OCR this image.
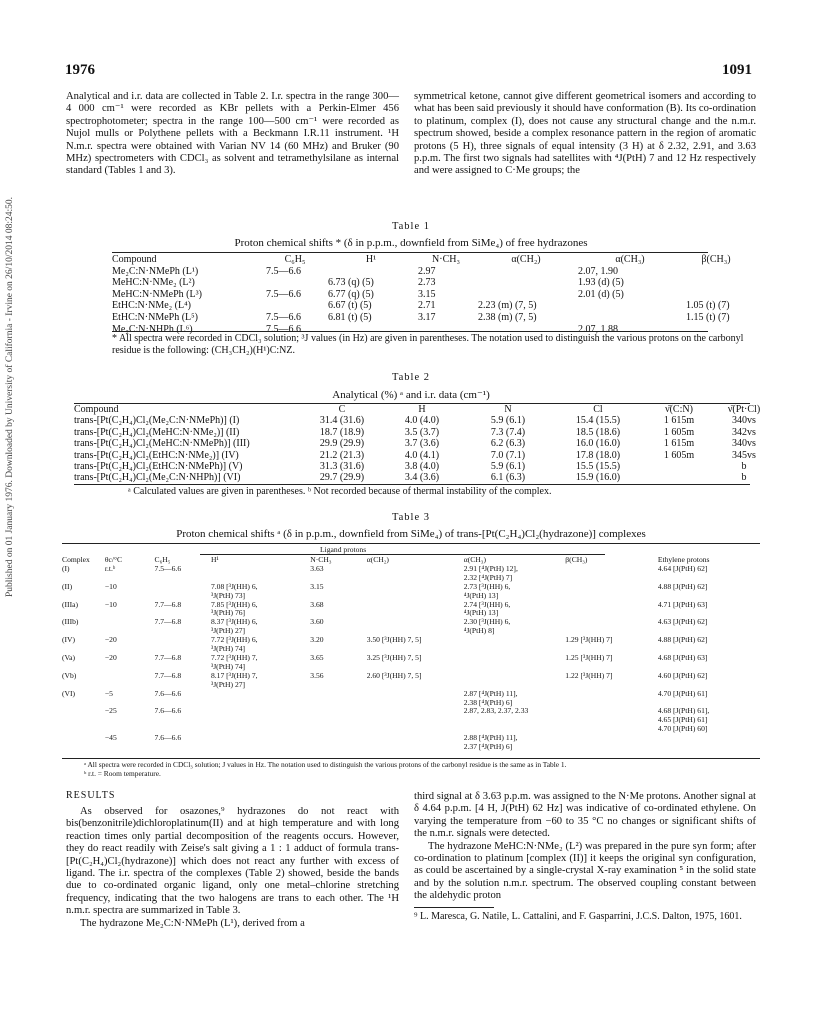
1976	1091
Published on 01 January 1976. Downloaded by University of California - Irvine on 26/10/2014 08:24:50.

Analytical and i.r. data are collected in Table 2. I.r. spectra in the range 300—4 000 cm⁻¹ were recorded as KBr pellets with a Perkin-Elmer 456 spectrophotometer; spectra in the range 100—500 cm⁻¹ were recorded as Nujol mulls or Polythene pellets with a Beckmann I.R.11 instrument. ¹H N.m.r. spectra were obtained with Varian NV 14 (60 MHz) and Bruker (90 MHz) spectrometers with CDCl₃ as solvent and tetramethylsilane as internal standard (Tables 1 and 3).

symmetrical ketone, cannot give different geometrical isomers and according to what has been said previously it should have conformation (B). Its co-ordination to platinum, complex (I), does not cause any structural change and the n.m.r. spectrum showed, beside a complex resonance pattern in the region of aromatic protons (5 H), three signals of equal intensity (3 H) at δ 2.32, 2.91, and 3.63 p.p.m. The first two signals had satellites with ⁴J(PtH) 7 and 12 Hz respectively and were assigned to C·Me groups; the

Table 1
Proton chemical shifts * (δ in p.p.m., downfield from SiMe₄) of free hydrazones
Compound	C₆H₅	H¹	N·CH₃	α(CH₂)	α(CH₃)	β(CH₃)
Me₂C:N·NMePh (L¹)	7.5—6.6		2.97		2.07, 1.90	
MeHC:N·NMe₂ (L²)		6.73 (q) (5)	2.73		1.93 (d) (5)	
MeHC:N·NMePh (L³)	7.5—6.6	6.77 (q) (5)	3.15		2.01 (d) (5)	
EtHC:N·NMe₂ (L⁴)		6.67 (t) (5)	2.71	2.23 (m) (7, 5)		1.05 (t) (7)
EtHC:N·NMePh (L⁵)	7.5—6.6	6.81 (t) (5)	3.17	2.38 (m) (7, 5)		1.15 (t) (7)
Me₂C:N·NHPh (L⁶)	7.5—6.6				2.07, 1.88	
* All spectra were recorded in CDCl₃ solution; ³J values (in Hz) are given in parentheses. The notation used to distinguish the various protons on the carbonyl residue is the following: (CH₃CH₂)(H¹)C:NZ.
Table 2
Analytical (%) ᵃ and i.r. data (cm⁻¹)
Compound	C	H	N	Cl	ν̄(C:N)	ν̄(Pt·Cl)
trans-[Pt(C₂H₄)Cl₂(Me₂C:N·NMePh)] (I)	31.4 (31.6)	4.0 (4.0)	5.9 (6.1)	15.4 (15.5)	1 615m	340vs
trans-[Pt(C₂H₄)Cl₂(MeHC:N·NMe₂)] (II)	18.7 (18.9)	3.5 (3.7)	7.3 (7.4)	18.5 (18.6)	1 605m	342vs
trans-[Pt(C₂H₄)Cl₂(MeHC:N·NMePh)] (III)	29.9 (29.9)	3.7 (3.6)	6.2 (6.3)	16.0 (16.0)	1 615m	340vs
trans-[Pt(C₂H₄)Cl₂(EtHC:N·NMe₂)] (IV)	21.2 (21.3)	4.0 (4.1)	7.0 (7.1)	17.8 (18.0)	1 605m	345vs
trans-[Pt(C₂H₄)Cl₂(EtHC:N·NMePh)] (V)	31.3 (31.6)	3.8 (4.0)	5.9 (6.1)	15.5 (15.5)		b
trans-[Pt(C₂H₄)Cl₂(Me₂C:N·NHPh)] (VI)	29.7 (29.9)	3.4 (3.6)	6.1 (6.3)	15.9 (16.0)		b
ᵃ Calculated values are given in parentheses. ᵇ Not recorded because of thermal instability of the complex.
Table 3
Proton chemical shifts ᵃ (δ in p.p.m., downfield from SiMe₄) of trans-[Pt(C₂H₄)Cl₂(hydrazone)] complexes
Ligand protons
Complex	θc/°C	C₆H₅	H¹	N·CH₃	α(CH₂)	α(CH₃)	β(CH₃)	Ethylene protons
(I)	r.t.ᵇ	7.5—6.6		3.63		2.91 [⁴J(PtH) 12],
2.32 [⁴J(PtH) 7]		4.64 [J(PtH) 62]
(II)	−10		7.08 [³J(HH) 6,
³J(PtH) 73]	3.15		2.73 [³J(HH) 6,
⁴J(PtH) 13]		4.88 [J(PtH) 62]
(IIIa)	−10	7.7—6.8	7.85 [³J(HH) 6,
³J(PtH) 76]	3.68		2.74 [³J(HH) 6,
⁴J(PtH) 13]		4.71 [J(PtH) 63]
(IIIb)		7.7—6.8	8.37 [³J(HH) 6,
³J(PtH) 27]	3.60		2.30 [³J(HH) 6,
⁴J(PtH) 8]		4.63 [J(PtH) 62]
(IV)	−20		7.72 [³J(HH) 6,
³J(PtH) 74]	3.20	3.50 [³J(HH) 7, 5]		1.29 [³J(HH) 7]	4.88 [J(PtH) 62]
(Va)	−20	7.7—6.8	7.72 [³J(HH) 7,
³J(PtH) 74]	3.65	3.25 [³J(HH) 7, 5]		1.25 [³J(HH) 7]	4.68 [J(PtH) 63]
(Vb)		7.7—6.8	8.17 [³J(HH) 7,
³J(PtH) 27]	3.56	2.60 [³J(HH) 7, 5]		1.22 [³J(HH) 7]	4.60 [J(PtH) 62]
(VI)	−5	7.6—6.6				2.87 [⁴J(PtH) 11],
2.38 [⁴J(PtH) 6]		4.70 [J(PtH) 61]
	−25	7.6—6.6				2.87, 2.83, 2.37, 2.33		4.68 [J(PtH) 61],
4.65 [J(PtH) 61]
4.70 [J(PtH) 60]
	−45	7.6—6.6				2.88 [⁴J(PtH) 11],
2.37 [⁴J(PtH) 6]		
ᵃ All spectra were recorded in CDCl₃ solution; J values in Hz. The notation used to distinguish the various protons of the carbonyl residue is the same as in Table 1.
ᵇ r.t. = Room temperature.
RESULTS

As observed for osazones,⁹ hydrazones do not react with bis(benzonitrile)dichloroplatinum(II) and at high temperature and with long reaction times only partial decomposition of the reagents occurs. However, they do react readily with Zeise's salt giving a 1 : 1 adduct of formula trans-[Pt(C₂H₄)Cl₂(hydrazone)] which does not react any further with excess of ligand. The i.r. spectra of the complexes (Table 2) showed, beside the bands due to co-ordinated organic ligand, only one metal–chlorine stretching frequency, indicating that the two halogens are trans to each other. The ¹H n.m.r. spectra are summarized in Table 3.

The hydrazone Me₂C:N·NMePh (L¹), derived from a

third signal at δ 3.63 p.p.m. was assigned to the N·Me protons. Another signal at δ 4.64 p.p.m. [4 H, J(PtH) 62 Hz] was indicative of co-ordinated ethylene. On varying the temperature from −60 to 35 °C no changes or significant shifts of the n.m.r. signals were detected.

The hydrazone MeHC:N·NMe₂ (L²) was prepared in the pure syn form; after co-ordination to platinum [complex (II)] it keeps the original syn configuration, as could be ascertained by a single-crystal X-ray examination ⁵ in the solid state and by the solution n.m.r. spectrum. The observed coupling constant between the aldehydic proton

⁹ L. Maresca, G. Natile, L. Cattalini, and F. Gasparrini, J.C.S. Dalton, 1975, 1601.
